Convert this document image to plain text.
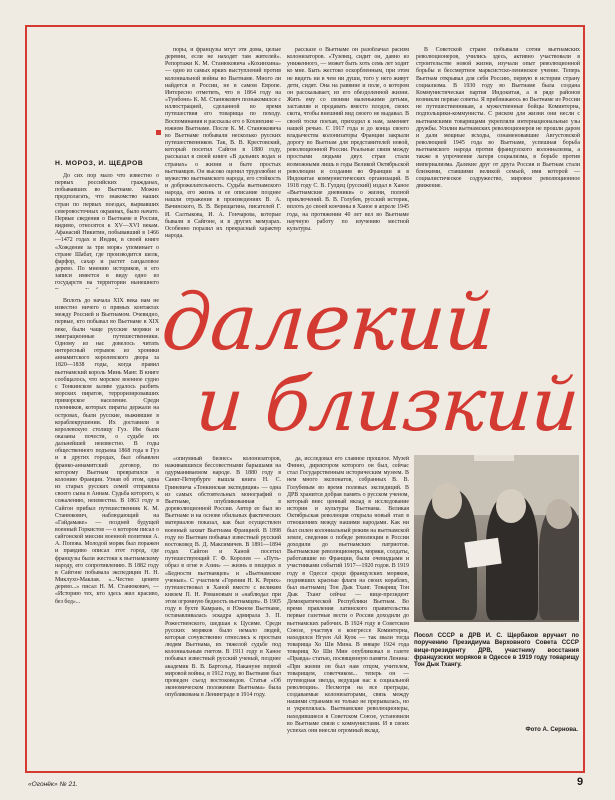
До сих пор мало что известно о первых российских гражданах, побывавших во Вьетнаме. Можно предполагать, что знакомство наших стран по первых поездах, вырвавших северовосточных окраинах, было начато. Первые сведения о Вьетнаме в России, видимо, относятся к XV—XVI векам. Афанасий Никитин, побывавший в 1466—1472 годах в Индии, в своей книге «Хождение за три моря» упоминает о стране Шабат, где производится шелк, фарфор, сахар и растет сандаловое дерево. По мнению историков, в его записи имеется в виду одно из государств на территории нынешнего

Вплоть до начала XIX века нам не известно ничего о прямых контактах между Россией и Вьетнамом. Очевидно, первые, кто побывал во Вьетнаме в XIX веке, были чаще русские моряки и эмиграционные путешественники. Одному из нас довелось читать интересный отрывок из хроники аннамитского королевского двора за 1820—1838 годы, когда правил вьетнамский король Минь Манг. В книге сообщалось, что морское военное судно с Тонкинском заливе удалось разбить морских пиратов, терроризировавших приморское население. Среди пленников, которых пираты держали на островах, были русские, выжившие в кораблекрушении. Их доставили в королевскую столицу Гуэ. Им были оказаны почести, о судьбе их дальнейшей неизвестно. В годы общественного подъема 1868 года в Гуэ и в других городах, был объявлен франко-аннамитский договор, по которому Вьетнам превратился в колонию Франции. Узнав об этом, одна из старых русских семей отправила своего сына в Аннам. Судьба которого, к сожалению, неизвестна. В 1863 году в Сайгон прибыл путешественник К. М. Станюкович, наблюдающий на «Гайдамаке» — поздней будущей военный Горкистов — о котором писал о сайгонской миссии военной политики А. А. Попова. Молодой моряк был поражен и правдиво описал этот город, где французы были жестоки к вьетнамскому народу, его сопротивлению. В 1882 году в Сайгоне побывала экспедиция Н. Н. Миклухо-Маклая. «...Честно цените дерево...» писал Н. М. Станюкович, — «Историю тех, кто здесь жил красиво, без бед»...

поры, и французы мгут эти дома, целые деревни, если не находят там жителей». Репортажи К. М. Станюковича «Кохинхина» — одно из самых ярких выступлений против колониальной войны во Вьетнаме. Много ли найдется в России, не в самом Европе. Интересно отметить, что в 1864 году на «Тунбоне» К. М. Станюкович познакомился с иллюстрацией, сделанной во время путешествия его товарища по походу. Воспоминания и рассказы его о Кохинхине — южном Вьетнаме. После К. М. Станюковича во Вьетнаме побывали несколько русских путешественников. Так, В. В. Крестовский, который посетил Сайгон в 1880 году, рассказал в своей книге «В дальних водах и странах» о жизни и быте простых вьетнамцев. Он высоко оценил трудолюбие и мужество вьетнамского народа, его стойкость и доброжелательность. Судьба вьетнамского народа, его жизнь и ее описание позднее нашли отражение в произведениях В. А. Вачинского, В. В. Верещагина, писателей Г. И. Салтыкова, И. А. Гончарова, которые бывали в Сайгоне, и в других мемуарах. Особенно поразил их прекрасный характер народа.

«опиумный бизнес» колонизаторов, наживавшихся бессовестными барышами на одурманиваемом народе. В 1880 году в Санкт-Петербурге вышла книга Н. С. Гриневича «Тонкинская экспедиция» — одна из самых обстоятельных монографий о Вьетнаме, опубликованная в дореволюционной России. Автор ее был во Вьетнаме и на основе обильных фактических материалов показал, как был осуществлен военный захват Вьетнама Францией. В 1898 году во Вьетнам побывал известный русский востоковед В. Д. Максимичев. В 1891—1894 годах Сайгон и Ханой посетил путешествующий Г. Ф. Королев — «Путь-образ в огне в Азии» — жизнь в пещерах в «Бедности вьетнамцев» и «Вьетнамские ученые». С участием «Горения Н. К. Рерих» путешествовал в Ханой вместе с великим князем П. Н. Романовым и «наблюдал при этом огромную бедность вьетнамцев». В 1905 году в бухте Камрань, в Южном Вьетнаме, останавливалась эскадра адмирала З. П. Рожественского, шедшая к Цусиме. Среди русских моряков было немало людей, которые сочувственно отнеслись к простым людям Вьетнама, их тяжелой судьбе под колониальным гнетом. В 1911 году в Ханое побывал известный русский ученый, позднее академик В. В. Бартольд. Накануне первой мировой войны, в 1912 году, во Вьетнаме был проведен съезд востоковедов. Статья «Об экономическом положении Вьетнама» была опубликована в Ленинграде в 1914 году.

рассказе о Вьетнаме он разоблачал расизм колонизаторов. «Тузевец, сидит он, давно из униженного, — может быть хоть семь лет ходит ко мне. Быть жестоко оскорбленным, при этом не видеть ни в чем ни души, того у него живут дети, сидят. Она на раввине и поле, о котором он рассказывает, из его обездоленной жизни. Жить ему со своими маленькими детьми, заставляя и продавать вместо плодов, своих скота, чтобы внешний вид своего не выдавал. В своей тоске поехав, приходил к нам, заменяет нашей речью. С 1917 года и до конца своего владычества колонизаторы Франции закрыли дорогу во Вьетнам для представителей новой, революционной России. Реальные связи между простыми людьми двух стран стали возможными лишь в годы Великой Октябрьской революции и создания во Франции и в Индокитае коммунистических организаций. В 1918 году С. В. Гулдец (русский) издал в Ханое «Вьетнамские дневники» о жизни, полной приключений. В. В. Голубев, русский историк, вплоть до своей кончины в Ханое в апреле 1945 года, на протяжении 40 лет вел во Вьетнаме научную работу по изучению местной культуры.

да, исследовал его славное прошлое. Музей Финно, директором которого он был, сейчас стал Государственным историческим музеем. В нем много экспонатов, собранных В. В. Голубевым во время полевых экспедиций. В ДРВ хранится добрая память о русском ученом, который внес ценный вклад в исследование истории и культуры Вьетнама. Великая Октябрьская революция открыла новый этап в отношениях между нашими народами. Как ни был силен колониальный режим на вьетнамской земле, сведения о победе революции в России доходили до вьетнамских патриотов. Вьетнамские революционеры, моряки, солдаты, работавшие во Франции, были очевидцами и участниками событий 1917—1920 годов. В 1919 году в Одессе среди французских моряков, поднявших красные флаги на своих кораблях, был вьетнамец Тон Дык Тханг. Товарищ Тон Дык Тханг сейчас — вице-президент Демократической Республики Вьетнам. Во время правления латинского правительства первые газетные вести о России доходили до вьетнамских рабочих. В 1924 году в Советском Союзе, участвуя в конгрессе Коминтерна, находился Нгуен Ай Куок — так звали тогда товарища Хо Ши Мина. В январе 1924 года товарищ Хо Ши Мин опубликовал в газете «Правда» статью, посвященную памяти Ленина: «При жизни он был нам отцом, учителем, товарищем, советчиком... теперь он — путеводная звезда, ведущая нас к социальной революции». Несмотря на все преграды, создаваемые колонизаторами, связь между нашими странами не только не прерывалась, но и укреплялась. Вьетнамские революционеры, находившиеся в Советском Союзе, установили во Вьетнаме связи с коммунистами. И в своих успехах они внесли огромный вклад.

В Советской стране побывали сотни вьетнамских революционеров, учились здесь, активно участвовали в строительстве новой жизни, изучали опыт революционной борьбы и бессмертное марксистско-ленинское учение. Теперь Вьетнам открывал для себя Россию, первую в истории страну социализма. В 1930 году во Вьетнаме была создана Коммунистическая партия Индокитая, а в ряде районов возникли первые советы. Я приближаюсь во Вьетнаме из России не путешественникам, а мужественные бойцы Коминтерна, подпольщики-коммунисты. С риском для жизни они несли с вьетнамскими товарищами укрепляли интернациональные узы дружбы. Усилия вьетнамских революционеров не прошли даром и дали мощные всходы, ознаменовавшие Августовской революцией 1945 года во Вьетнаме, успешная борьба вьетнамского народа против французского колониализма, а также в упрочнение лагеря социализма, в борьбе против империализма. Далекие друг от друга Россия и Вьетнам стали близкими, ставшими великой семьей, имя которой — социалистическое содружество, мировое революционное движение.

Н. МОРОЗ, И. ЩЕДРОВ
далекий
и близкий
Посол СССР в ДРВ И. С. Щербаков вручает по поручению Президиума Верховного Совета СССР вице-президенту ДРВ, участнику восстания французских моряков в Одессе в 1919 году товарищу Тон Дык Тхангу.
Фото А. Сернова.
«Огонёк» № 21.	9
